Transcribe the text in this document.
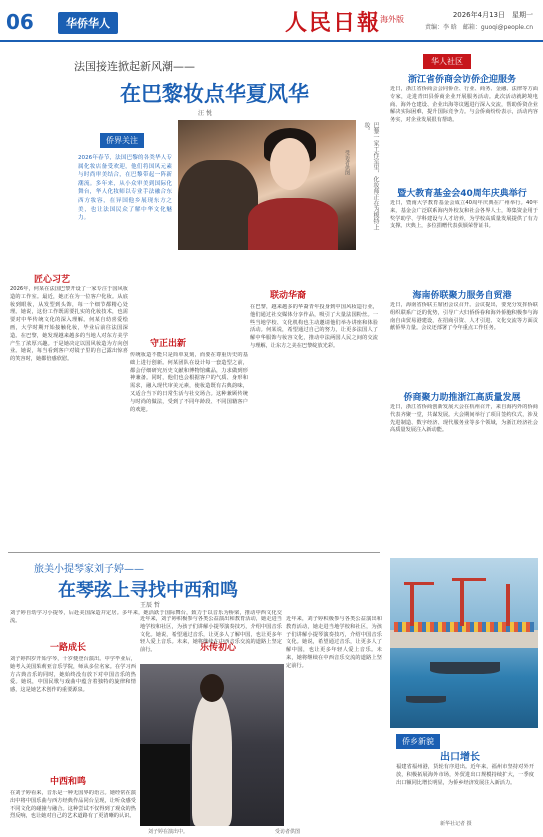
06	华侨华人	人民日報
海外版	2026年4月13日　星期一
责编：李 晗　邮箱：guoqi@people.cn
法国接连掀起新风潮——
在巴黎妆点华夏风华
汪 悦
侨界关注

2026年春节，法国巴黎的各类华人专属化妆店备受欢迎，他们将国风元素与时尚审美结合，在巴黎带起一阵新潮流。多年来，从小众审美到国际化舞台，华人化妆师以专业手法融合东西方妆容，在异国他乡展现东方之美，也让法国民众了解中华文化魅力。	巴黎一家工作室里，化妆师正在为模特上妆。
受访者供图
匠心习艺
2026年，何某在法国巴黎开设了一家专注于国风妆造的工作室。最近，她正在为一位客户化妆。从底妆到眼妆，从发型到头饰，每一个细节都精心处理。她说，这份工作既需要扎实的化妆技术，也需要对中华传统文化的深入理解。何某自幼喜爱绘画，大学时期开始接触化妆，毕业后前往法国深造。在巴黎，她发现越来越多的当地人对东方美学产生了浓厚兴趣。于是她决定以国风妆造为方向创业。她说，每当看到客户对镜子里的自己露出惊喜的笑容时，她都倍感欣慰。
守正出新
传统妆造不能只是简单复刻，而要在尊重历史的基础上进行创新。何某团队在设计每一套造型之前，都会仔细研究历史文献和博物馆藏品，力求做到形神兼备。同时，他们也会根据客户的气质、身形和需求，融入现代审美元素，使妆造既有古典韵味，又适合当下的日常生活与社交场合。这种兼顾传统与时尚的做法，受到了不同年龄段、不同国籍客户的欢迎。
联动华裔
在巴黎，越来越多的华裔青年投身到中国风妆造行业，他们通过社交媒体分享作品，吸引了大量法国粉丝。一些当地学校、文化机构也主动邀请他们举办讲座和体验活动。何某说，希望通过自己的努力，让更多法国人了解中华服饰与妆容文化，推动中法两国人民之间的交流与理解，让东方之美在巴黎绽放光彩。
华人社区
浙江省侨商会访侨企迎服务
近日，浙江省侨商会会同侨企、行业、商务、金融、法律等方面专家，走进青田县侨商企业开展服务活动。此次活动就跨境电商、海外仓建设、企业出海等议题进行深入交流，帮助侨资企业解决实际困难，提升国际竞争力。与会侨商纷纷表示，活动内容务实，对企业发展很有帮助。
暨大教育基金会40周年庆典举行
近日，暨南大学教育基金会成立40周年庆典在广州举行。40年来，基金会广泛联系海内外校友和社会各界人士，筹集资金用于奖学助学、学科建设与人才培养，为学校高质量发展提供了有力支撑。庆典上，多位捐赠代表获颁荣誉证书。
海南侨联聚力服务自贸港
近日，海南省侨联主席团会议召开。会议提出，要充分发挥侨联组织联系广泛的优势，引导广大归侨侨眷和海外侨胞积极参与海南自由贸易港建设，在招商引资、人才引进、文化交流等方面贡献侨界力量。会议还部署了今年重点工作任务。
侨商聚力助推浙江高质量发展
近日，浙江省侨商创新发展大会在杭州召开，来自海内外的侨商代表齐聚一堂，共谋发展。大会期间举行了项目签约仪式，涉及先进制造、数字经济、现代服务业等多个领域，为浙江经济社会高质量发展注入新动能。
旅美小提琴家刘子婷——
在琴弦上寻找中西和鸣
王辰 哲
刘子婷自幼学习小提琴，后赴美国深造并定居。多年来，她活跃于国际舞台，致力于以音乐为桥梁，推动中西文化交流。
一路成长
刘子婷四岁开始学琴，十岁便登台演出。中学毕业后，她考入美国茱莉亚音乐学院，师从多位名家。在学习西方古典音乐的同时，她始终没有放下对中国音乐的热爱。她说，中国民歌与戏曲中蕴含着独特的旋律和情感，这是她艺术创作的重要源泉。
中西和鸣
在刘子婷看来，音乐是一种无国界的语言。她经常在演出中将中国乐曲与西方经典作品同台呈现，让听众感受不同文化的碰撞与融合。这种尝试不仅得到了观众的热烈反响，也让她对自己的艺术道路有了更清晰的认识。
乐传初心
近年来，刘子婷积极参与各类公益演出和教育活动，她走进当地学校和社区，为孩子们讲解小提琴演奏技巧，介绍中国音乐文化。她说，希望通过音乐，让更多人了解中国，也让更多年轻人爱上音乐。未来，她将继续在中西音乐交流的道路上坚定前行。
近年来，刘子婷积极参与各类公益演出和教育活动，她走进当地学校和社区，为孩子们讲解小提琴演奏技巧，介绍中国音乐文化。她说，希望通过音乐，让更多人了解中国，也让更多年轻人爱上音乐。未来，她将继续在中西音乐交流的道路上坚定前行。
刘子婷在演出中。	受访者供图
侨乡新貌
出口增长
福建省福州港，货轮有序进出。近年来，福州市坚持对外开放，积极拓展海外市场，外贸进出口规模持续扩大，一季度出口额同比增长明显，为侨乡经济发展注入新活力。
新华社记者 摄
